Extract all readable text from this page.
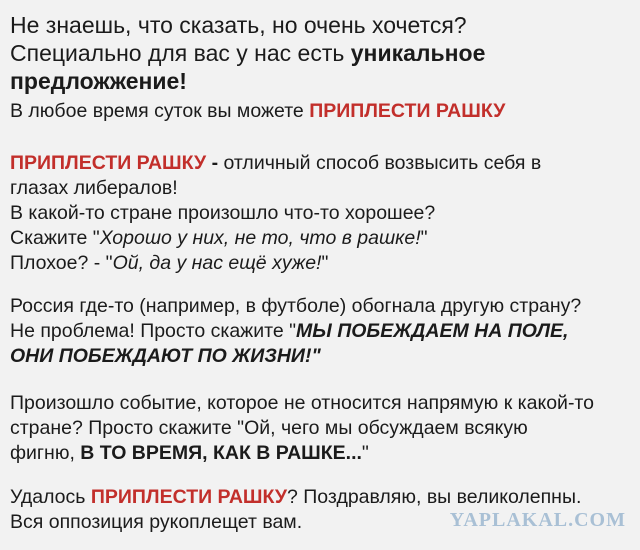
Не знаешь, что сказать, но очень хочется?
Специально для вас у нас есть уникальное
предложжение!
В любое время суток вы можете ПРИПЛЕСТИ РАШКУ
ПРИПЛЕСТИ РАШКУ - отличный способ возвысить себя в
глазах либералов!
В какой-то стране произошло что-то хорошее?
Скажите "Хорошо у них, не то, что в рашке!"
Плохое? - "Ой, да у нас ещё хуже!"
Россия где-то (например, в футболе) обогнала другую страну?
Не проблема! Просто скажите "МЫ ПОБЕЖДАЕМ НА ПОЛЕ,
ОНИ ПОБЕЖДАЮТ ПО ЖИЗНИ!"
Произошло событие, которое не относится напрямую к какой-то
стране? Просто скажите "Ой, чего мы обсуждаем всякую
фигню, В ТО ВРЕМЯ, КАК В РАШКЕ..."
Удалось ПРИПЛЕСТИ РАШКУ? Поздравляю, вы великолепны.
Вся оппозиция рукоплещет вам.	YAPLAKAL.COM
